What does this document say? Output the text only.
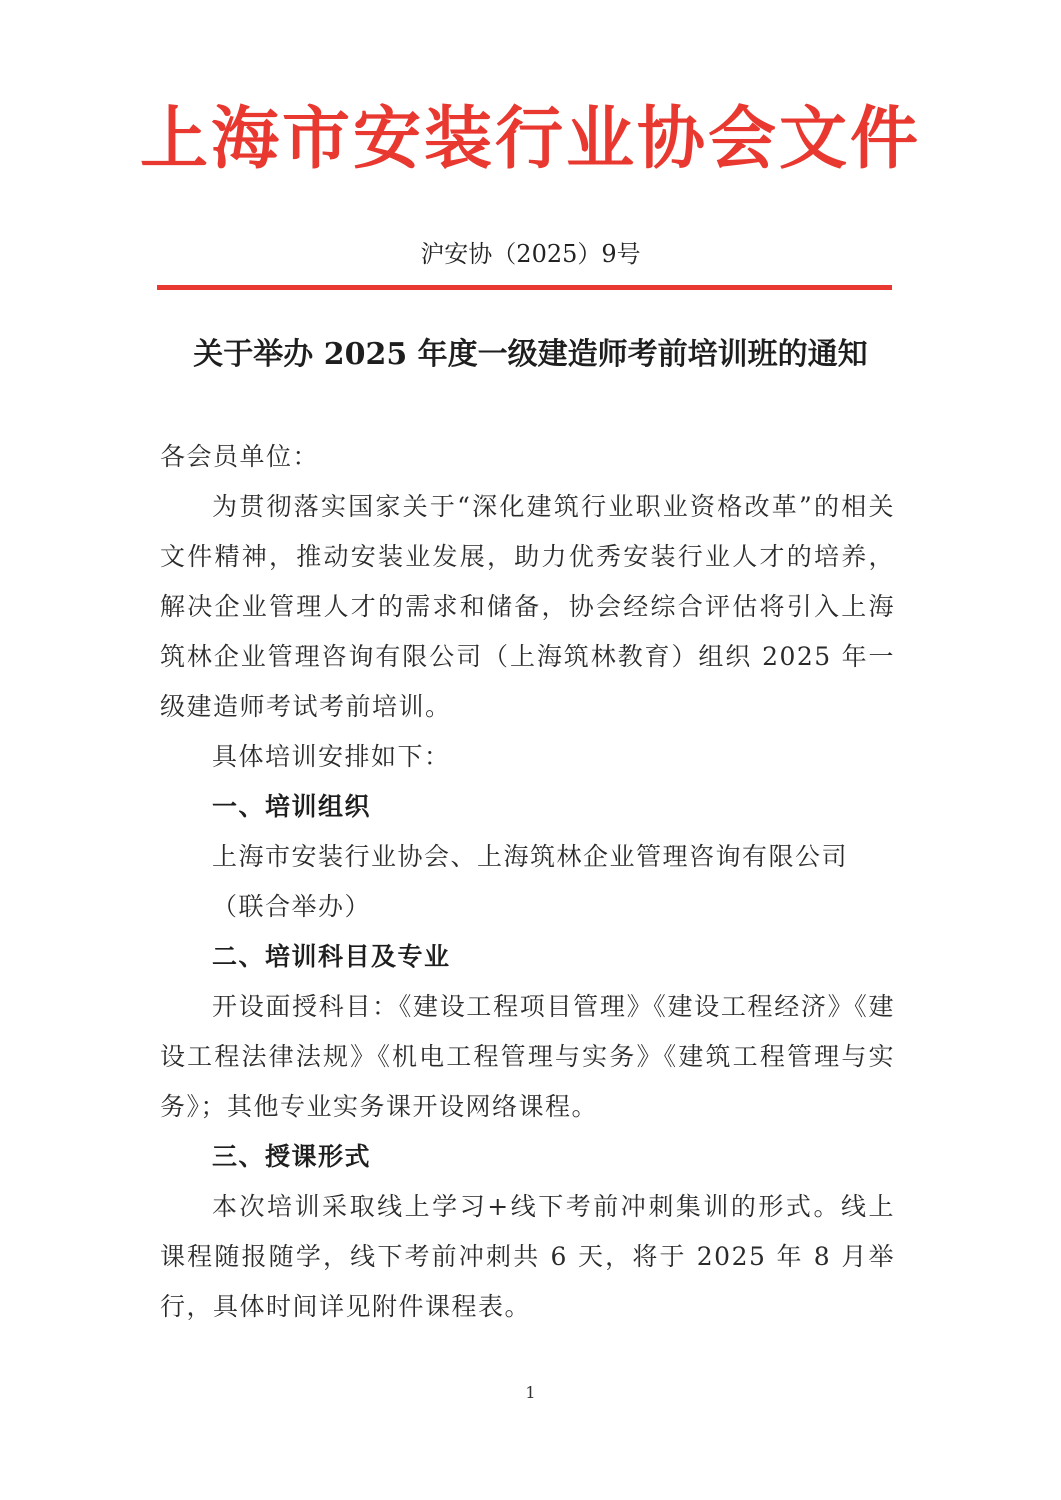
上海市安装行业协会文件
沪安协（2025）9号
关于举办 2025 年度一级建造师考前培训班的通知

各会员单位：

为贯彻落实国家关于“深化建筑行业职业资格改革”的相关文件精神，推动安装业发展，助力优秀安装行业人才的培养，解决企业管理人才的需求和储备，协会经综合评估将引入上海筑林企业管理咨询有限公司（上海筑林教育）组织 2025 年一级建造师考试考前培训。

具体培训安排如下：

一、培训组织

上海市安装行业协会、上海筑林企业管理咨询有限公司

（联合举办）

二、培训科目及专业

开设面授科目：《建设工程项目管理》《建设工程经济》《建设工程法律法规》《机电工程管理与实务》《建筑工程管理与实务》；其他专业实务课开设网络课程。

三、授课形式

本次培训采取线上学习+线下考前冲刺集训的形式。线上课程随报随学，线下考前冲刺共 6 天，将于 2025 年 8 月举行，具体时间详见附件课程表。

1
